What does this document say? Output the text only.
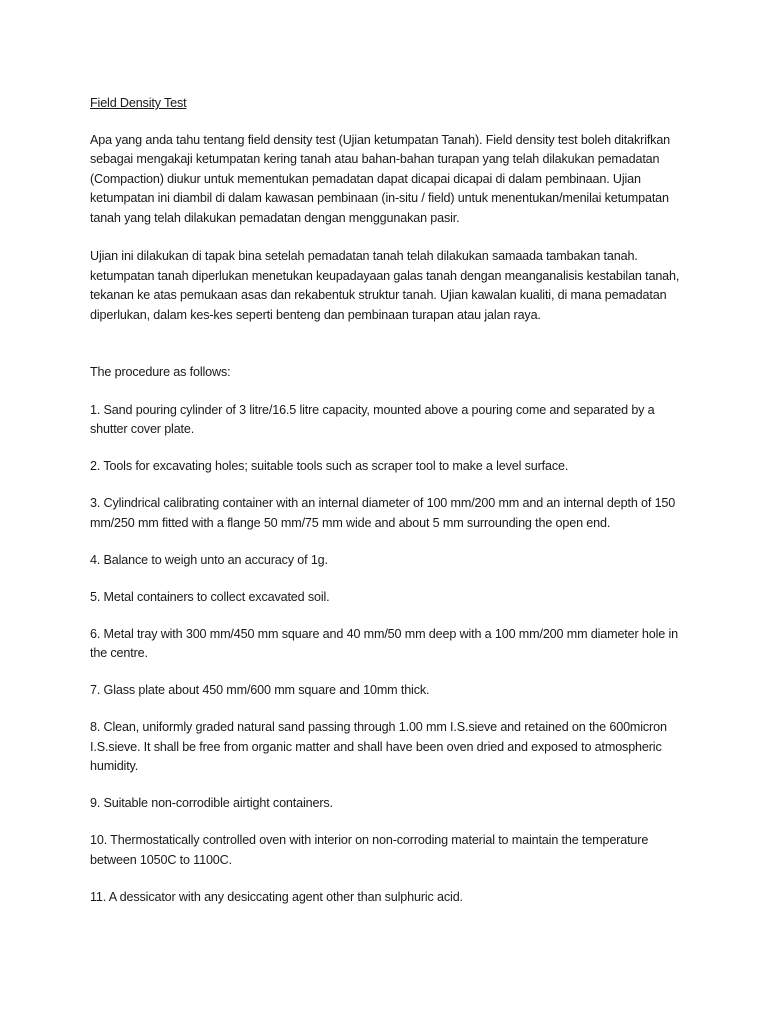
Field Density Test

Apa yang anda tahu tentang field density test (Ujian ketumpatan Tanah). Field density test boleh ditakrifkan sebagai mengakaji ketumpatan kering tanah atau bahan-bahan turapan yang telah dilakukan pemadatan (Compaction) diukur untuk mementukan pemadatan dapat dicapai dicapai di dalam pembinaan. Ujian ketumpatan ini diambil di dalam kawasan pembinaan (in-situ / field) untuk menentukan/menilai ketumpatan tanah yang telah dilakukan pemadatan dengan menggunakan pasir.

Ujian ini dilakukan di tapak bina setelah pemadatan tanah telah dilakukan samaada tambakan tanah. ketumpatan tanah diperlukan menetukan keupadayaan galas tanah dengan meanganalisis kestabilan tanah, tekanan ke atas pemukaan asas dan rekabentuk struktur tanah. Ujian kawalan kualiti, di mana pemadatan diperlukan, dalam kes-kes seperti benteng dan pembinaan turapan atau jalan raya.

The procedure as follows:

1. Sand pouring cylinder of 3 litre/16.5 litre capacity, mounted above a pouring come and separated by a shutter cover plate.

2. Tools for excavating holes; suitable tools such as scraper tool to make a level surface.

3. Cylindrical calibrating container with an internal diameter of 100 mm/200 mm and an internal depth of 150 mm/250 mm fitted with a flange 50 mm/75 mm wide and about 5 mm surrounding the open end.

4. Balance to weigh unto an accuracy of 1g.

5. Metal containers to collect excavated soil.

6. Metal tray with 300 mm/450 mm square and 40 mm/50 mm deep with a 100 mm/200 mm diameter hole in the centre.

7. Glass plate about 450 mm/600 mm square and 10mm thick.

8. Clean, uniformly graded natural sand passing through 1.00 mm I.S.sieve and retained on the 600micron I.S.sieve. It shall be free from organic matter and shall have been oven dried and exposed to atmospheric humidity.

9. Suitable non-corrodible airtight containers.

10. Thermostatically controlled oven with interior on non-corroding material to maintain the temperature between 1050C to 1100C.

11. A dessicator with any desiccating agent other than sulphuric acid.
